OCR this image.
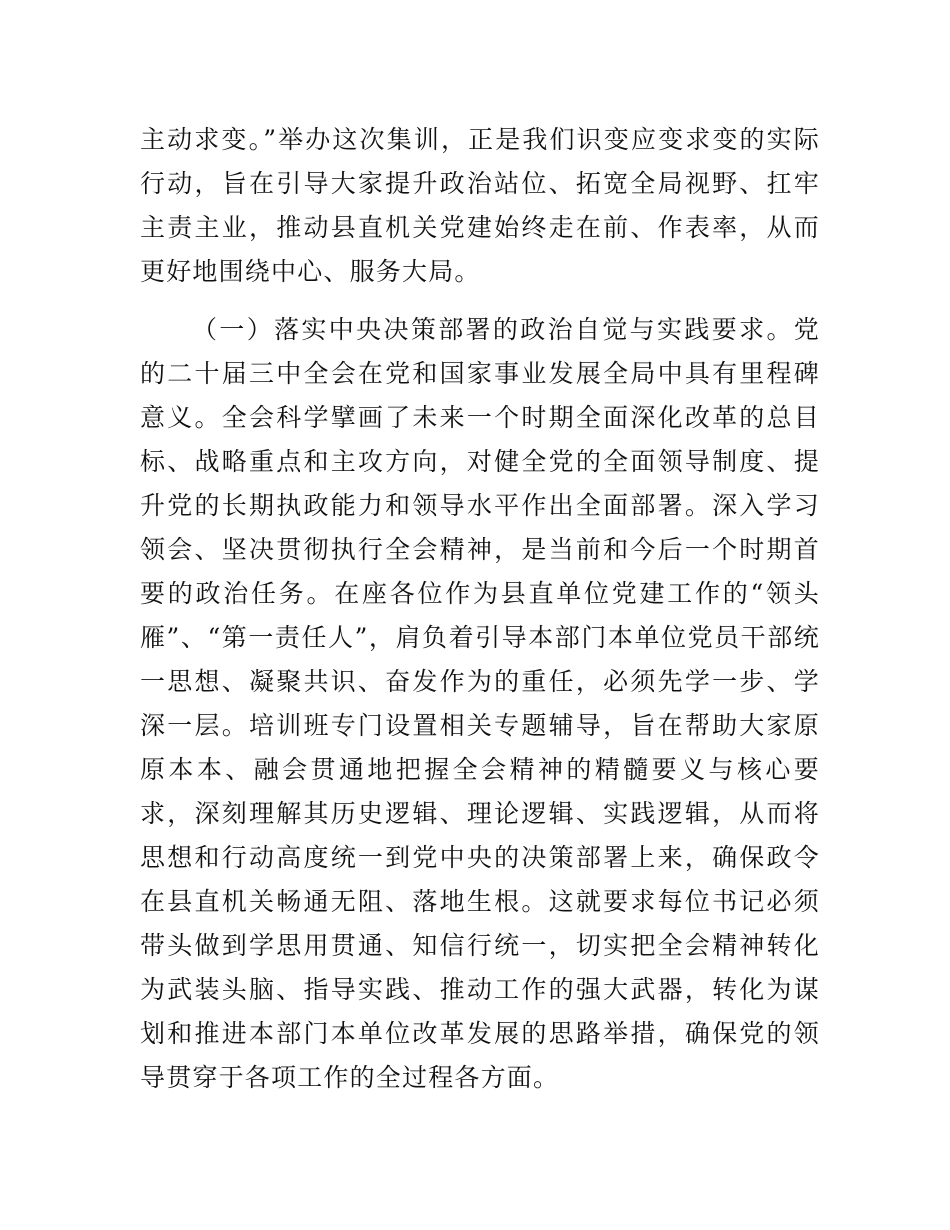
主动求变。”举办这次集训，正是我们识变应变求变的实际行动，旨在引导大家提升政治站位、拓宽全局视野、扛牢主责主业，推动县直机关党建始终走在前、作表率，从而更好地围绕中心、服务大局。

（一）落实中央决策部署的政治自觉与实践要求。党的二十届三中全会在党和国家事业发展全局中具有里程碑意义。全会科学擘画了未来一个时期全面深化改革的总目标、战略重点和主攻方向，对健全党的全面领导制度、提升党的长期执政能力和领导水平作出全面部署。深入学习领会、坚决贯彻执行全会精神，是当前和今后一个时期首要的政治任务。在座各位作为县直单位党建工作的“领头雁”、“第一责任人”，肩负着引导本部门本单位党员干部统一思想、凝聚共识、奋发作为的重任，必须先学一步、学深一层。培训班专门设置相关专题辅导，旨在帮助大家原原本本、融会贯通地把握全会精神的精髓要义与核心要求，深刻理解其历史逻辑、理论逻辑、实践逻辑，从而将思想和行动高度统一到党中央的决策部署上来，确保政令在县直机关畅通无阻、落地生根。这就要求每位书记必须带头做到学思用贯通、知信行统一，切实把全会精神转化为武装头脑、指导实践、推动工作的强大武器，转化为谋划和推进本部门本单位改革发展的思路举措，确保党的领导贯穿于各项工作的全过程各方面。
